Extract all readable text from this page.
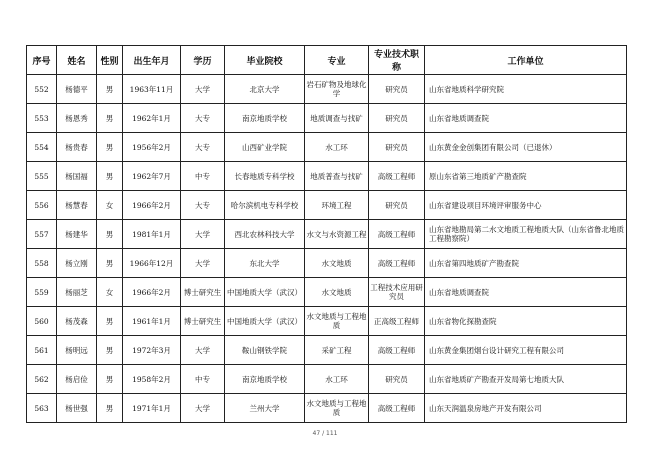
序号	姓名	性别	出生年月	学历	毕业院校	专业	专业技术职称	工作单位
552	杨德平	男	1963年11月	大学	北京大学	岩石矿物及地球化学	研究员	山东省地质科学研究院
553	杨恩秀	男	1962年1月	大专	南京地质学校	地质调查与找矿	研究员	山东省地质调查院
554	杨贵春	男	1956年2月	大专	山西矿业学院	水工环	研究员	山东黄金金创集团有限公司（已退休）
555	杨国福	男	1962年7月	中专	长春地质专科学校	地质普查与找矿	高级工程师	原山东省第三地质矿产勘查院
556	杨慧春	女	1966年2月	大专	哈尔滨机电专科学校	环境工程	研究员	山东省建设项目环境评审服务中心
557	杨建华	男	1981年1月	大学	西北农林科技大学	水文与水资源工程	高级工程师	山东省地勘局第二水文地质工程地质大队（山东省鲁北地质工程勘察院）
558	杨立刚	男	1966年12月	大学	东北大学	水文地质	高级工程师	山东省第四地质矿产勘查院
559	杨丽芝	女	1966年2月	博士研究生	中国地质大学（武汉）	水文地质	工程技术应用研究员	山东省地质调查院
560	杨茂森	男	1961年1月	博士研究生	中国地质大学（武汉）	水文地质与工程地质	正高级工程师	山东省物化探勘查院
561	杨明远	男	1972年3月	大学	鞍山钢铁学院	采矿工程	高级工程师	山东黄金集团烟台设计研究工程有限公司
562	杨启俭	男	1958年2月	中专	南京地质学校	水工环	研究员	山东省地质矿产勘查开发局第七地质大队
563	杨世强	男	1971年1月	大学	兰州大学	水文地质与工程地质	高级工程师	山东天润温泉房地产开发有限公司
47 / 111
